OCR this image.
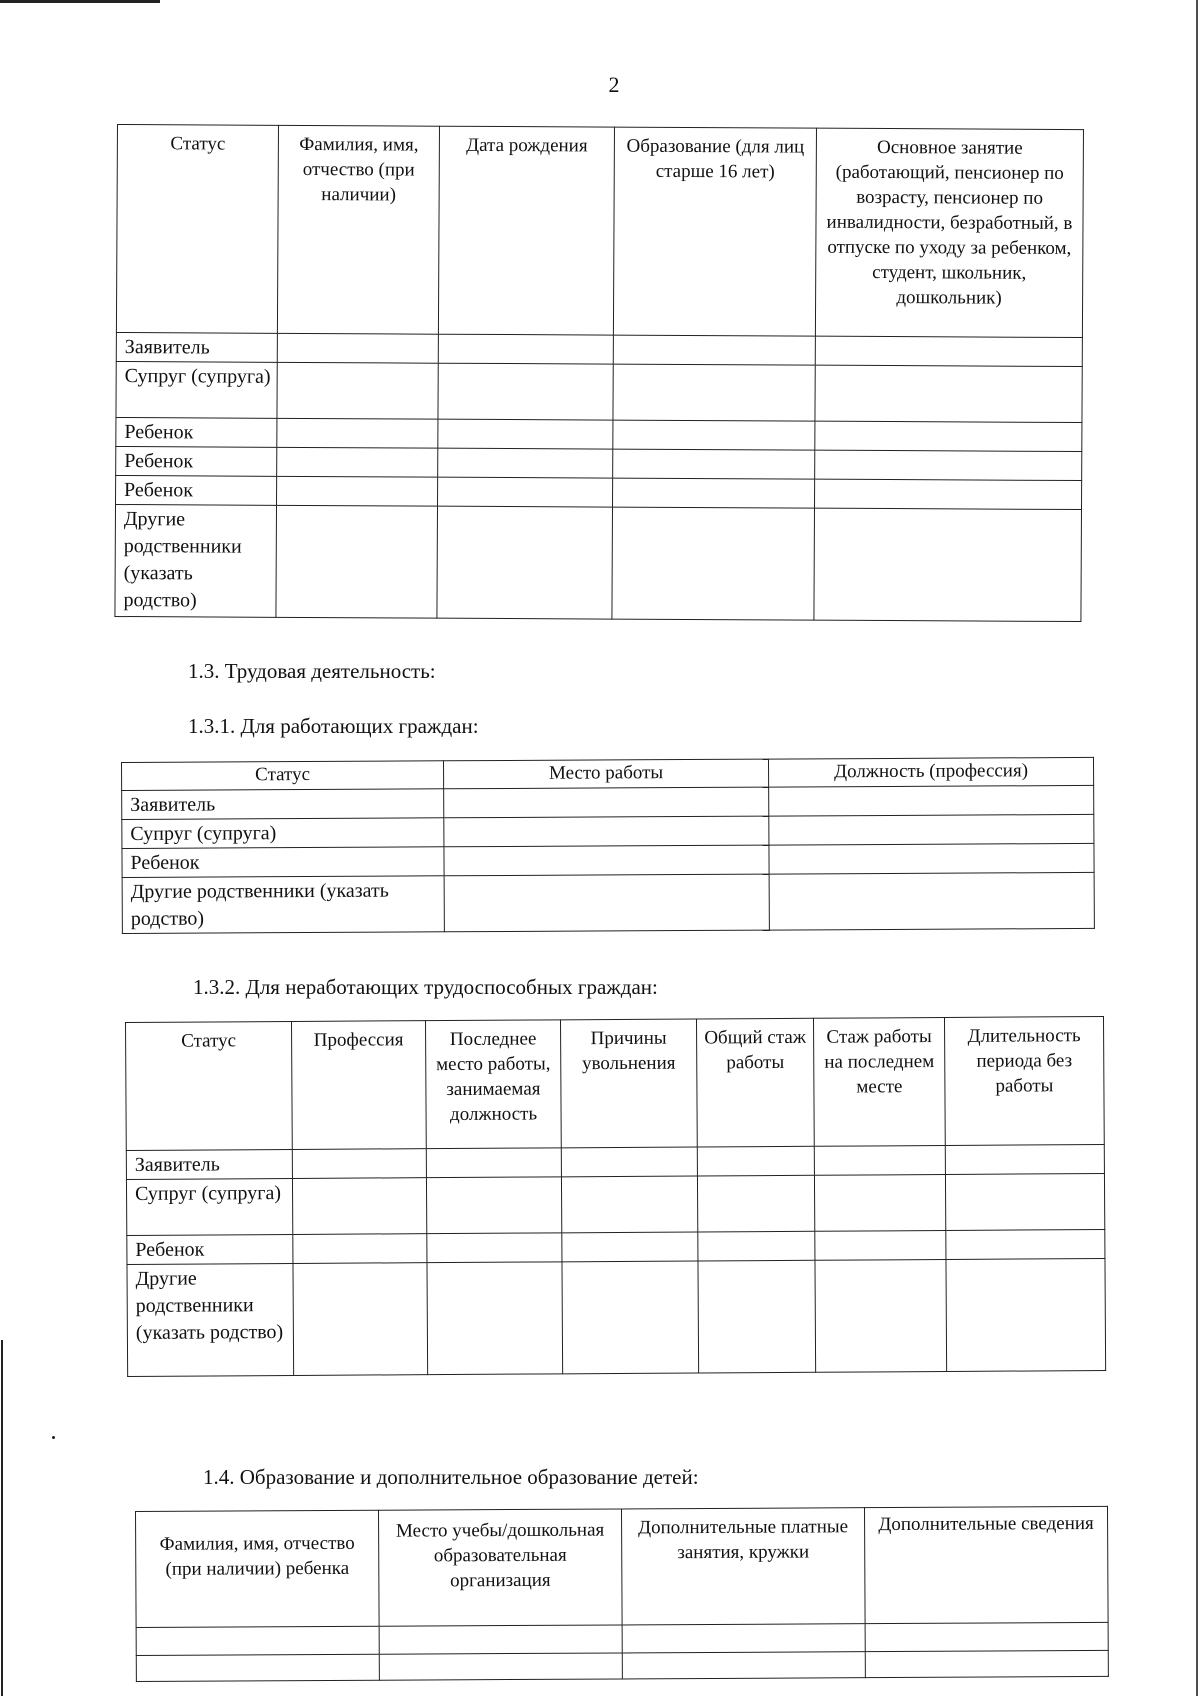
2
Статус	Фамилия, имя, отчество (при наличии)	Дата рождения	Образование (для лиц старше 16 лет)	Основное занятие (работающий, пенсионер по возрасту, пенсионер по инвалидности, безработный, в отпуске по уходу за ребенком, студент, школьник, дошкольник)
Заявитель				
Супруг (супруга)				
Ребенок				
Ребенок				
Ребенок				
Другие родственники (указать родство)				
1.3. Трудовая деятельность:
1.3.1. Для работающих граждан:
Статус	Место работы	Должность (профессия)
Заявитель		
Супруг (супруга)		
Ребенок		
Другие родственники (указать родство)		
1.3.2. Для неработающих трудоспособных граждан:
Статус	Профессия	Последнее место работы, занимаемая должность	Причины увольнения	Общий стаж работы	Стаж работы на последнем месте	Длительность периода без работы
Заявитель						
Супруг (супруга)						
Ребенок						
Другие родственники (указать родство)						
1.4. Образование и дополнительное образование детей:
Фамилия, имя, отчество (при наличии) ребенка	Место учебы/дошкольная образовательная организация	Дополнительные платные занятия, кружки	Дополнительные сведения
